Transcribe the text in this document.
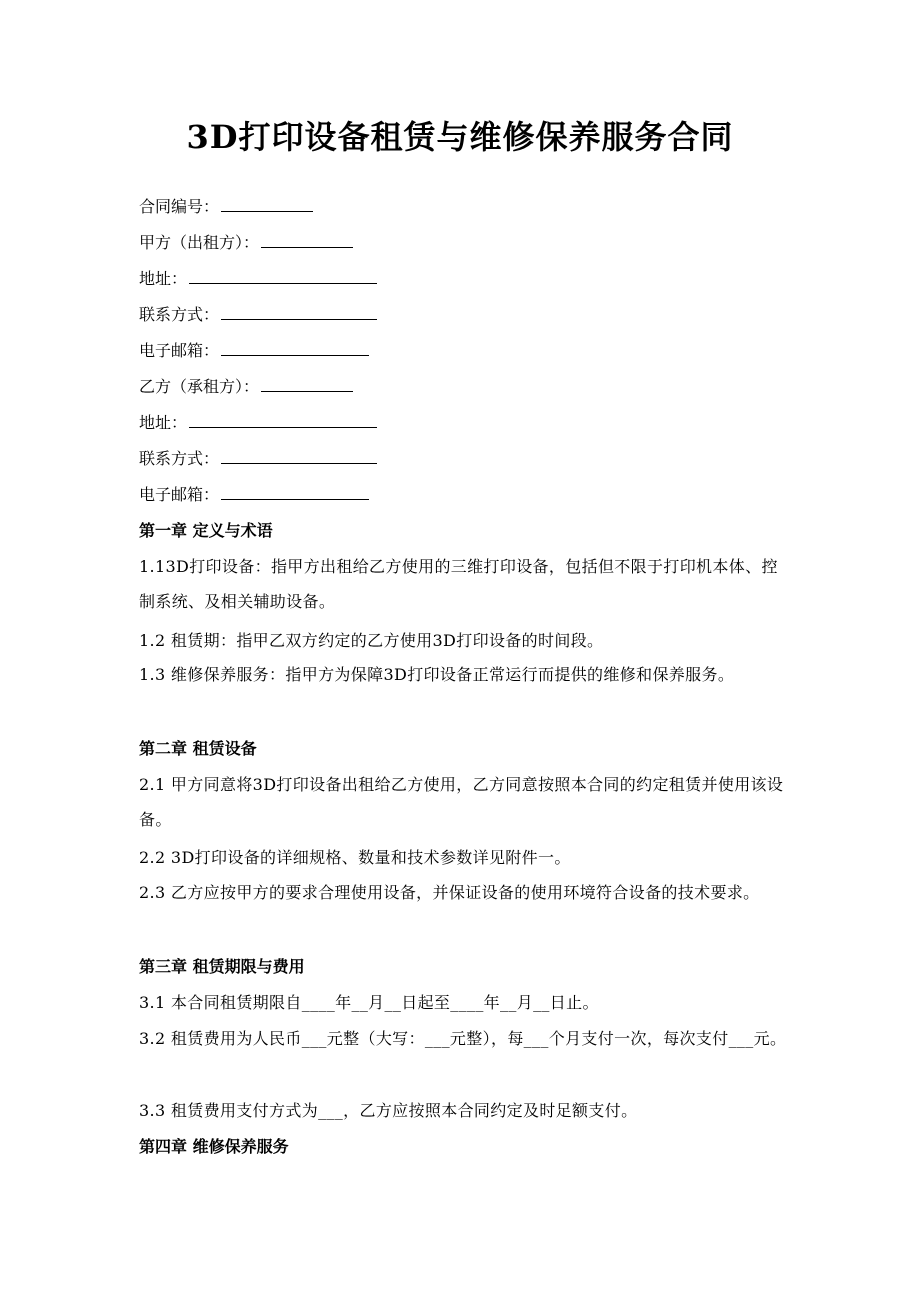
3D打印设备租赁与维修保养服务合同
合同编号：
甲方（出租方）：
地址：
联系方式：
电子邮箱：
乙方（承租方）：
地址：
联系方式：
电子邮箱：
第一章 定义与术语
1.13D打印设备：指甲方出租给乙方使用的三维打印设备，包括但不限于打印机本体、控制系统、及相关辅助设备。
1.2 租赁期：指甲乙双方约定的乙方使用3D打印设备的时间段。
1.3 维修保养服务：指甲方为保障3D打印设备正常运行而提供的维修和保养服务。
第二章 租赁设备
2.1 甲方同意将3D打印设备出租给乙方使用，乙方同意按照本合同的约定租赁并使用该设备。
2.2 3D打印设备的详细规格、数量和技术参数详见附件一。
2.3 乙方应按甲方的要求合理使用设备，并保证设备的使用环境符合设备的技术要求。
第三章 租赁期限与费用
3.1 本合同租赁期限自____年__月__日起至____年__月__日止。
3.2 租赁费用为人民币___元整（大写：___元整），每___个月支付一次，每次支付___元。
3.3 租赁费用支付方式为___，乙方应按照本合同约定及时足额支付。
第四章 维修保养服务
